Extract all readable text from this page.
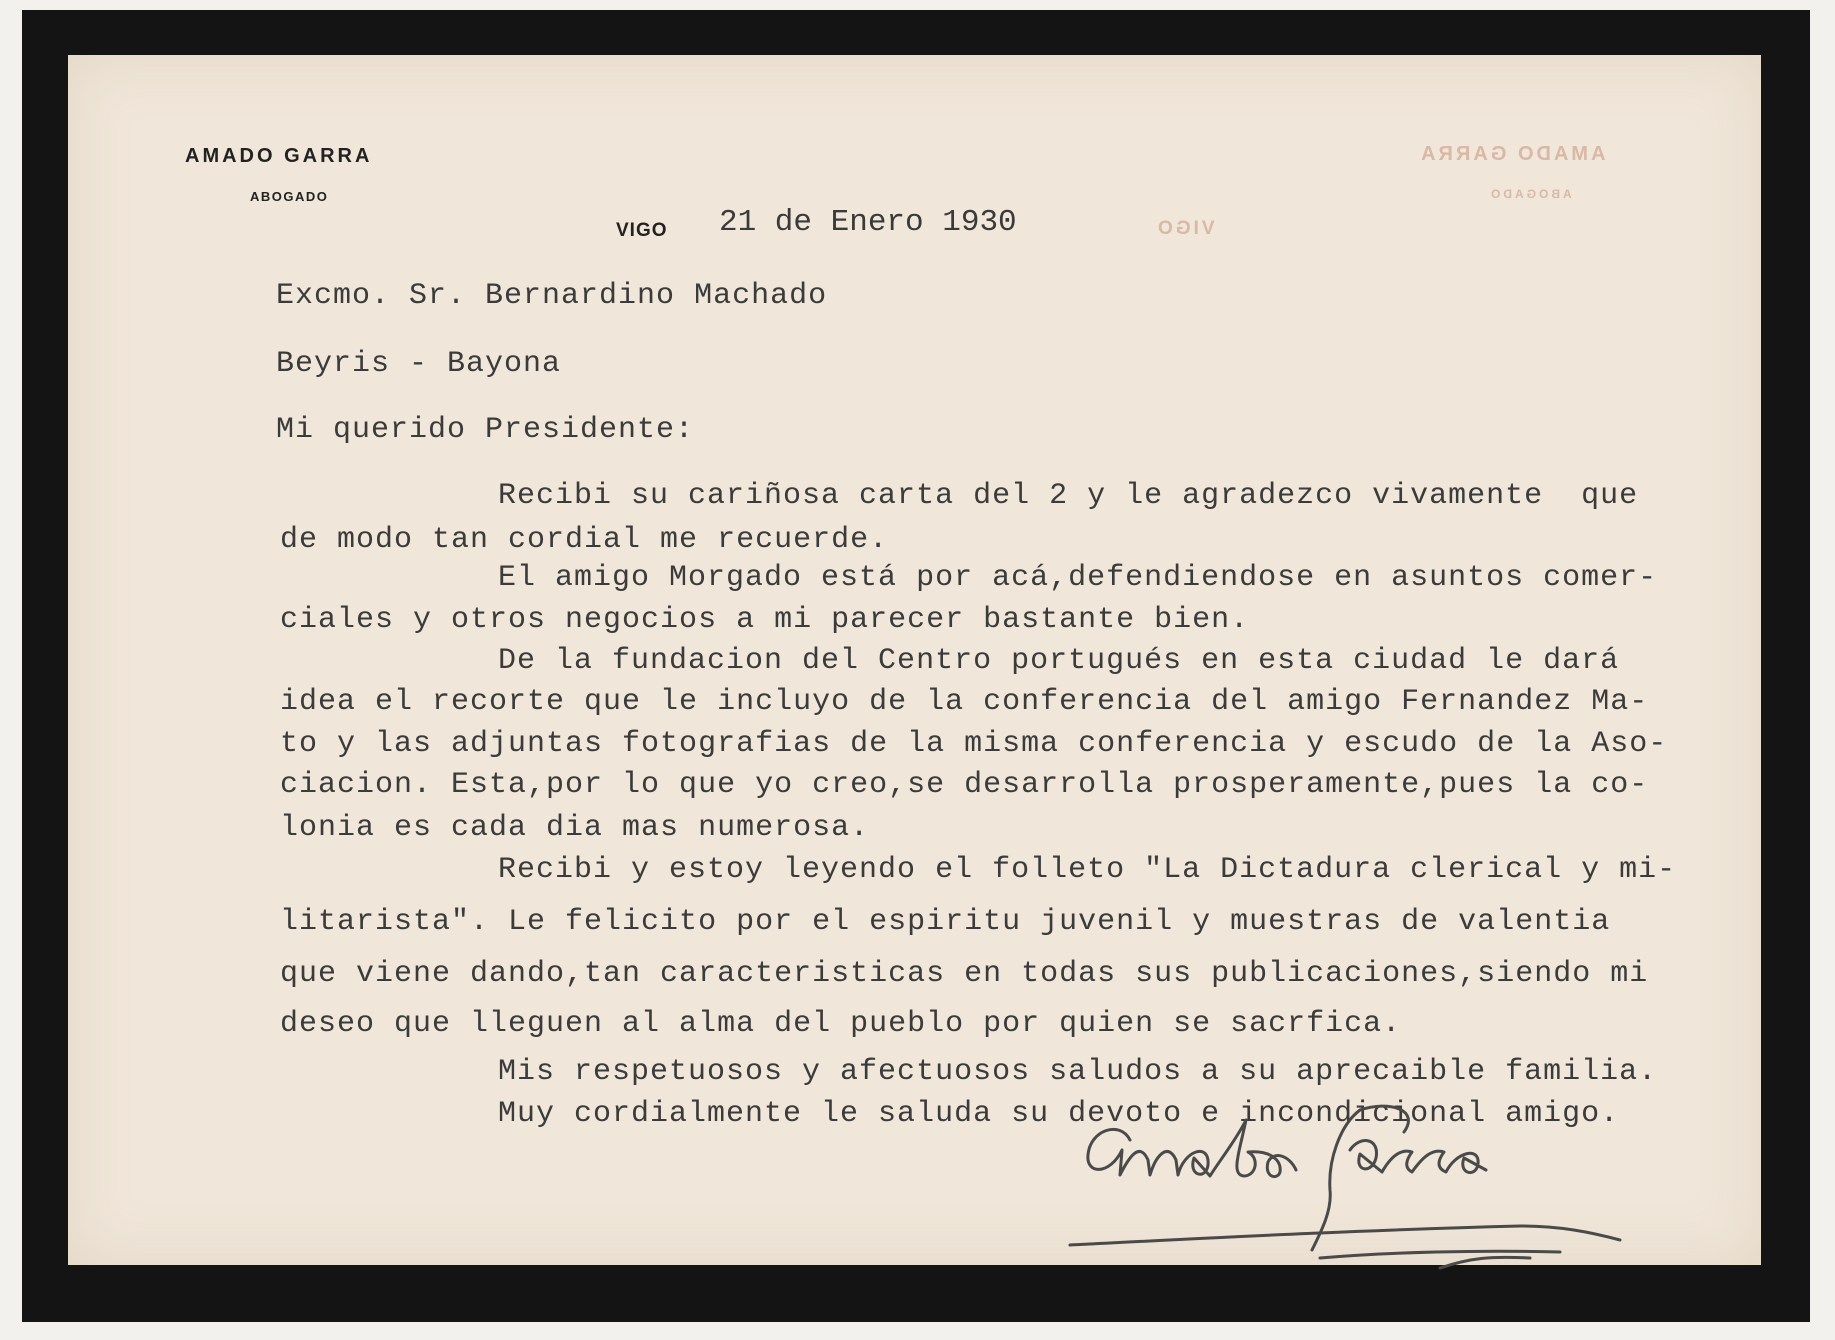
AMADO GARRA
ABOGADO
VIGO 21 de Enero 1930
AMADO GARRA
ABOGADO
VIGO
Excmo. Sr. Bernardino Machado
Beyris - Bayona
Mi querido Presidente:
Recibi su cariñosa carta del 2 y le agradezco vivamente  que
de modo tan cordial me recuerde.
El amigo Morgado está por acá,defendiendose en asuntos comer-
ciales y otros negocios a mi parecer bastante bien.
De la fundacion del Centro portugués en esta ciudad le dará
idea el recorte que le incluyo de la conferencia del amigo Fernandez Ma-
to y las adjuntas fotografias de la misma conferencia y escudo de la Aso-
ciacion. Esta,por lo que yo creo,se desarrolla prosperamente,pues la co-
lonia es cada dia mas numerosa.
Recibi y estoy leyendo el folleto "La Dictadura clerical y mi-
litarista". Le felicito por el espiritu juvenil y muestras de valentia
que viene dando,tan caracteristicas en todas sus publicaciones,siendo mi
deseo que lleguen al alma del pueblo por quien se sacrfica.
Mis respetuosos y afectuosos saludos a su aprecaible familia.
Muy cordialmente le saluda su devoto e incondicional amigo.
